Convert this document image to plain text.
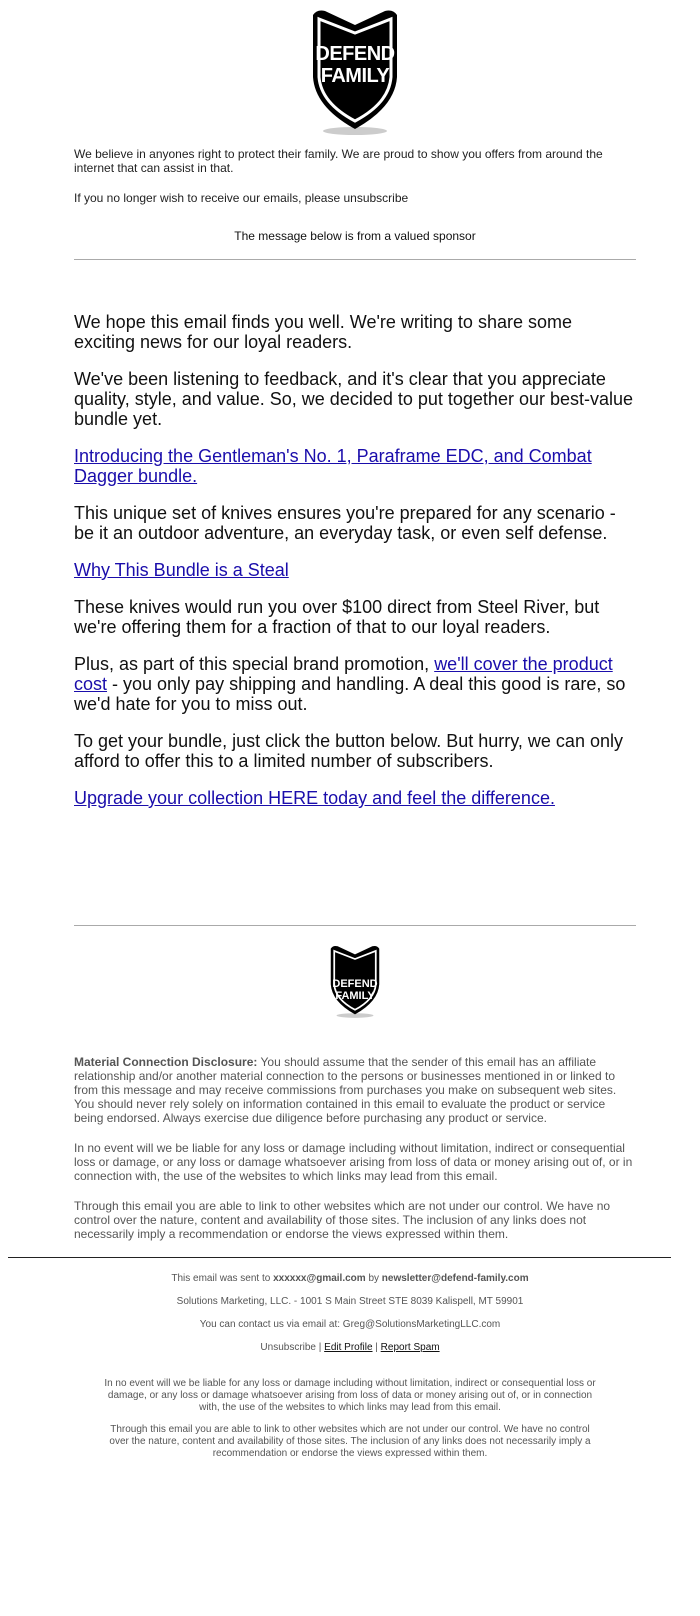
DEFEND
FAMILY

We believe in anyones right to protect their family. We are proud to show you offers from around the internet that can assist in that.

If you no longer wish to receive our emails, please unsubscribe

The message below is from a valued sponsor

We hope this email finds you well. We're writing to share some exciting news for our loyal readers.

We've been listening to feedback, and it's clear that you appreciate quality, style, and value. So, we decided to put together our best-value bundle yet.

Introducing the Gentleman's No. 1, Paraframe EDC, and Combat Dagger bundle.

This unique set of knives ensures you're prepared for any scenario - be it an outdoor adventure, an everyday task, or even self defense.

Why This Bundle is a Steal

These knives would run you over $100 direct from Steel River, but we're offering them for a fraction of that to our loyal readers.

Plus, as part of this special brand promotion, we'll cover the product cost - you only pay shipping and handling. A deal this good is rare, so we'd hate for you to miss out.

To get your bundle, just click the button below. But hurry, we can only afford to offer this to a limited number of subscribers.

Upgrade your collection HERE today and feel the difference.

DEFEND
FAMILY

Material Connection Disclosure: You should assume that the sender of this email has an affiliate relationship and/or another material connection to the persons or businesses mentioned in or linked to from this message and may receive commissions from purchases you make on subsequent web sites. You should never rely solely on information contained in this email to evaluate the product or service being endorsed. Always exercise due diligence before purchasing any product or service.

In no event will we be liable for any loss or damage including without limitation, indirect or consequential loss or damage, or any loss or damage whatsoever arising from loss of data or money arising out of, or in connection with, the use of the websites to which links may lead from this email.

Through this email you are able to link to other websites which are not under our control. We have no control over the nature, content and availability of those sites. The inclusion of any links does not necessarily imply a recommendation or endorse the views expressed within them.

This email was sent to xxxxxx@gmail.com by newsletter@defend-family.com

Solutions Marketing, LLC. - 1001 S Main Street STE 8039 Kalispell, MT 59901

You can contact us via email at: Greg@SolutionsMarketingLLC.com

Unsubscribe | Edit Profile | Report Spam

In no event will we be liable for any loss or damage including without limitation, indirect or consequential loss or damage, or any loss or damage whatsoever arising from loss of data or money arising out of, or in connection with, the use of the websites to which links may lead from this email.

Through this email you are able to link to other websites which are not under our control. We have no control over the nature, content and availability of those sites. The inclusion of any links does not necessarily imply a recommendation or endorse the views expressed within them.
